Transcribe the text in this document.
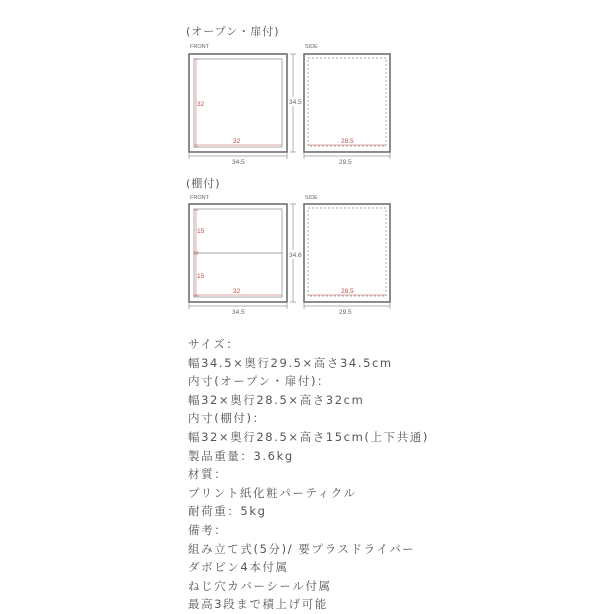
(オープン・扉付)
(棚付)
FRONT
32
32
34.5
34.5
SIDE
28.5
29.5
FRONT
15
15
32
34.5
34.6
SIDE
28.5
29.5
サイズ：
幅34.5×奥行29.5×高さ34.5cm
内寸(オープン・扉付)：
幅32×奥行28.5×高さ32cm
内寸(棚付)：
幅32×奥行28.5×高さ15cm(上下共通)
製品重量：3.6kg
材質：
プリント紙化粧パーティクル
耐荷重：5kg
備考：
組み立て式(5分)/ 要プラスドライバー
ダボピン4本付属
ねじ穴カバーシール付属
最高3段まで積上げ可能
